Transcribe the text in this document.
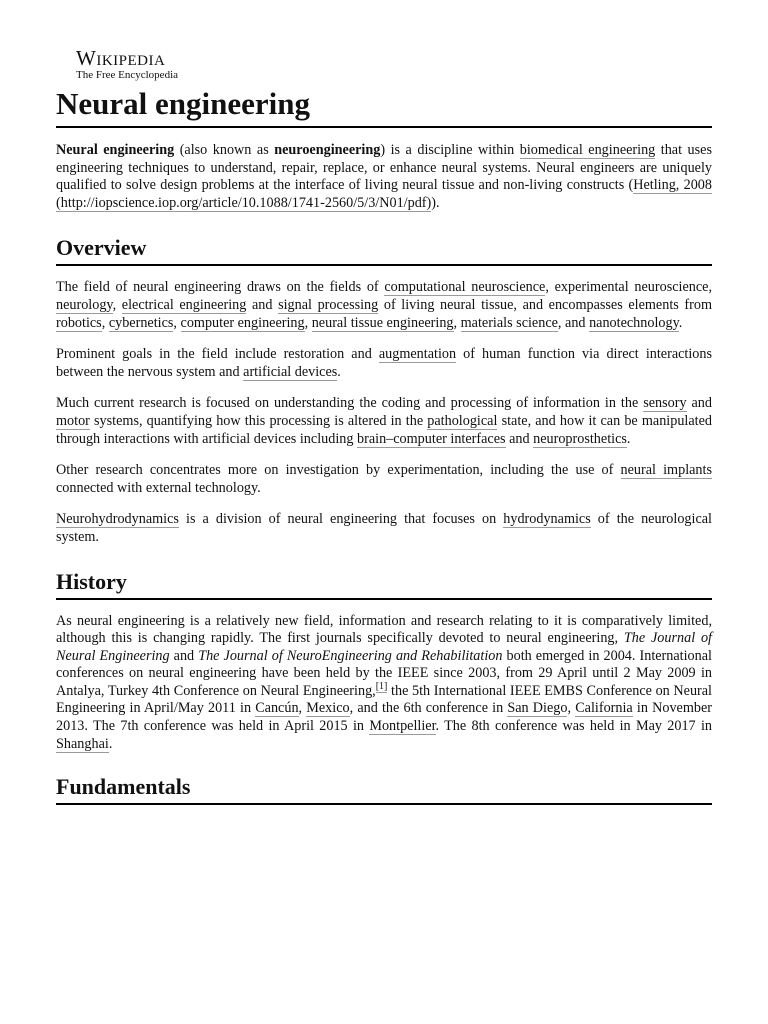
Wikipedia
The Free Encyclopedia
Neural engineering

Neural engineering (also known as neuroengineering) is a discipline within biomedical engineering that uses engineering techniques to understand, repair, replace, or enhance neural systems. Neural engineers are uniquely qualified to solve design problems at the interface of living neural tissue and non-living constructs (Hetling, 2008 (http://iopscience.iop.org/article/10.1088/1741-2560/5/3/N01/pdf)).

Overview

The field of neural engineering draws on the fields of computational neuroscience, experimental neuroscience, neurology, electrical engineering and signal processing of living neural tissue, and encompasses elements from robotics, cybernetics, computer engineering, neural tissue engineering, materials science, and nanotechnology.

Prominent goals in the field include restoration and augmentation of human function via direct interactions between the nervous system and artificial devices.

Much current research is focused on understanding the coding and processing of information in the sensory and motor systems, quantifying how this processing is altered in the pathological state, and how it can be manipulated through interactions with artificial devices including brain–computer interfaces and neuroprosthetics.

Other research concentrates more on investigation by experimentation, including the use of neural implants connected with external technology.

Neurohydrodynamics is a division of neural engineering that focuses on hydrodynamics of the neurological system.

History

As neural engineering is a relatively new field, information and research relating to it is comparatively limited, although this is changing rapidly. The first journals specifically devoted to neural engineering, The Journal of Neural Engineering and The Journal of NeuroEngineering and Rehabilitation both emerged in 2004. International conferences on neural engineering have been held by the IEEE since 2003, from 29 April until 2 May 2009 in Antalya, Turkey 4th Conference on Neural Engineering,[1] the 5th International IEEE EMBS Conference on Neural Engineering in April/May 2011 in Cancún, Mexico, and the 6th conference in San Diego, California in November 2013. The 7th conference was held in April 2015 in Montpellier. The 8th conference was held in May 2017 in Shanghai.

Fundamentals
